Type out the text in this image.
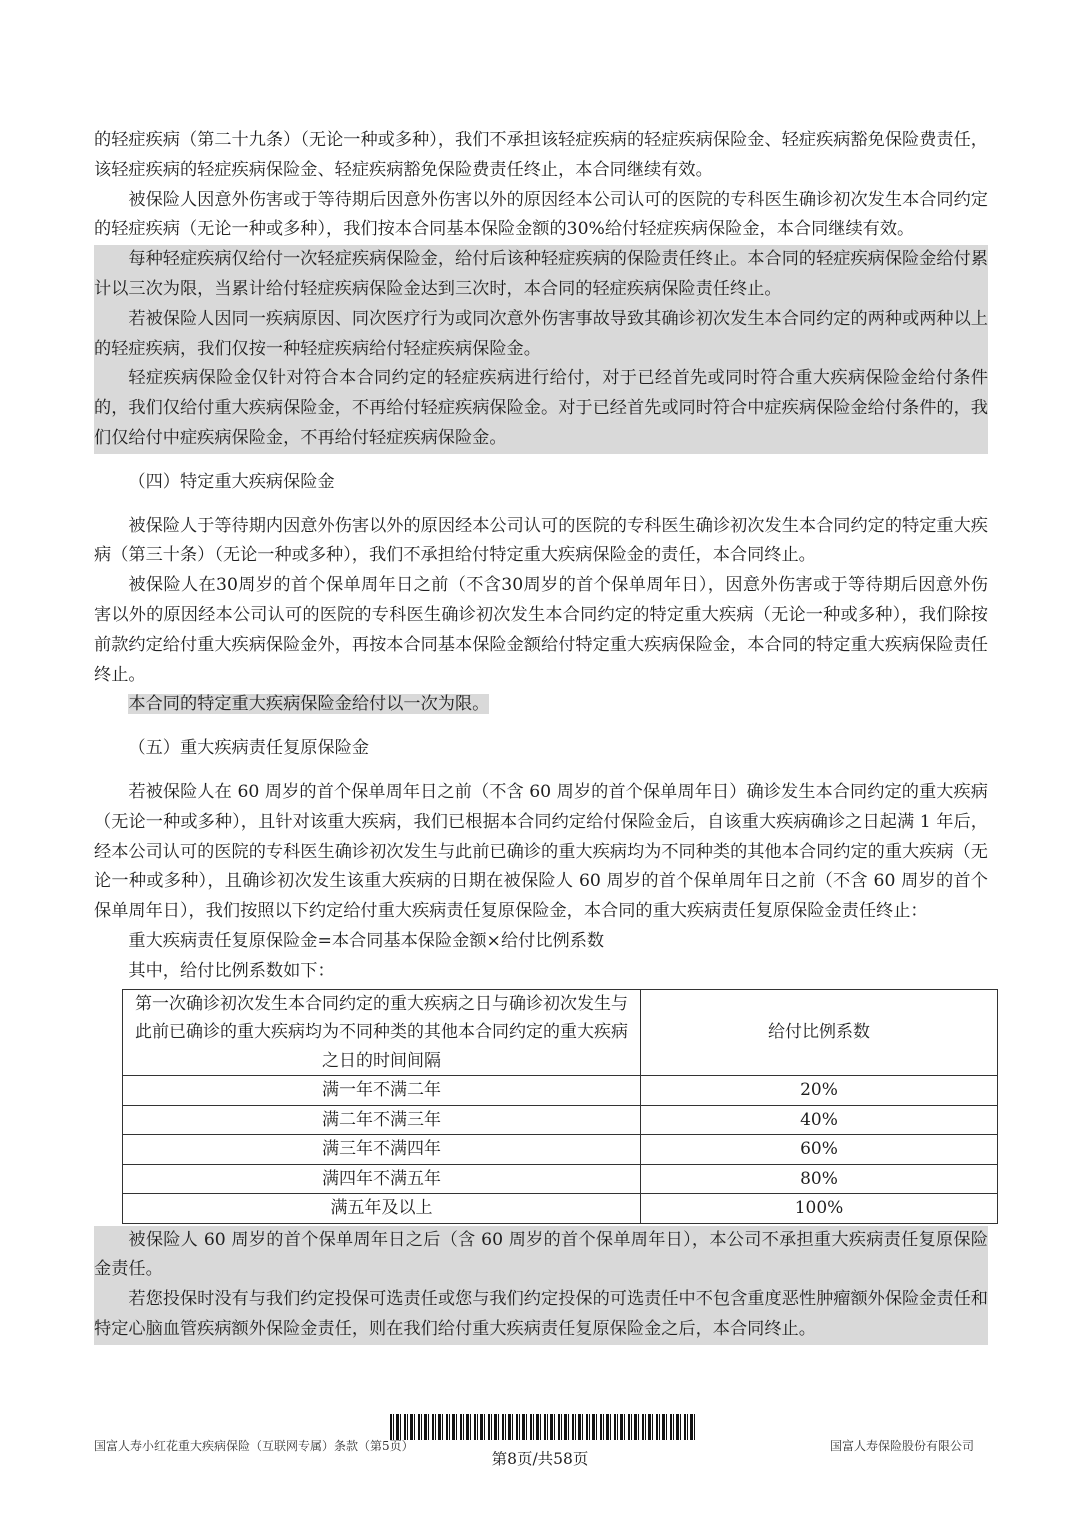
的轻症疾病（第二十九条）（无论一种或多种），我们不承担该轻症疾病的轻症疾病保险金、轻症疾病豁免保险费责任，该轻症疾病的轻症疾病保险金、轻症疾病豁免保险费责任终止，本合同继续有效。

被保险人因意外伤害或于等待期后因意外伤害以外的原因经本公司认可的医院的专科医生确诊初次发生本合同约定的轻症疾病（无论一种或多种），我们按本合同基本保险金额的30%给付轻症疾病保险金，本合同继续有效。

每种轻症疾病仅给付一次轻症疾病保险金，给付后该种轻症疾病的保险责任终止。本合同的轻症疾病保险金给付累计以三次为限，当累计给付轻症疾病保险金达到三次时，本合同的轻症疾病保险责任终止。

若被保险人因同一疾病原因、同次医疗行为或同次意外伤害事故导致其确诊初次发生本合同约定的两种或两种以上的轻症疾病，我们仅按一种轻症疾病给付轻症疾病保险金。

轻症疾病保险金仅针对符合本合同约定的轻症疾病进行给付，对于已经首先或同时符合重大疾病保险金给付条件的，我们仅给付重大疾病保险金，不再给付轻症疾病保险金。对于已经首先或同时符合中症疾病保险金给付条件的，我们仅给付中症疾病保险金，不再给付轻症疾病保险金。

（四）特定重大疾病保险金

被保险人于等待期内因意外伤害以外的原因经本公司认可的医院的专科医生确诊初次发生本合同约定的特定重大疾病（第三十条）（无论一种或多种），我们不承担给付特定重大疾病保险金的责任，本合同终止。

被保险人在30周岁的首个保单周年日之前（不含30周岁的首个保单周年日），因意外伤害或于等待期后因意外伤害以外的原因经本公司认可的医院的专科医生确诊初次发生本合同约定的特定重大疾病（无论一种或多种），我们除按前款约定给付重大疾病保险金外，再按本合同基本保险金额给付特定重大疾病保险金，本合同的特定重大疾病保险责任终止。

本合同的特定重大疾病保险金给付以一次为限。

（五）重大疾病责任复原保险金

若被保险人在 60 周岁的首个保单周年日之前（不含 60 周岁的首个保单周年日）确诊发生本合同约定的重大疾病（无论一种或多种），且针对该重大疾病，我们已根据本合同约定给付保险金后，自该重大疾病确诊之日起满 1 年后，经本公司认可的医院的专科医生确诊初次发生与此前已确诊的重大疾病均为不同种类的其他本合同约定的重大疾病（无论一种或多种），且确诊初次发生该重大疾病的日期在被保险人 60 周岁的首个保单周年日之前（不含 60 周岁的首个保单周年日），我们按照以下约定给付重大疾病责任复原保险金，本合同的重大疾病责任复原保险金责任终止：

重大疾病责任复原保险金=本合同基本保险金额×给付比例系数

其中，给付比例系数如下：

第一次确诊初次发生本合同约定的重大疾病之日与确诊初次发生与此前已确诊的重大疾病均为不同种类的其他本合同约定的重大疾病之日的时间间隔	给付比例系数
满一年不满二年	20%
满二年不满三年	40%
满三年不满四年	60%
满四年不满五年	80%
满五年及以上	100%

被保险人 60 周岁的首个保单周年日之后（含 60 周岁的首个保单周年日），本公司不承担重大疾病责任复原保险金责任。

若您投保时没有与我们约定投保可选责任或您与我们约定投保的可选责任中不包含重度恶性肿瘤额外保险金责任和特定心脑血管疾病额外保险金责任，则在我们给付重大疾病责任复原保险金之后，本合同终止。

国富人寿小红花重大疾病保险（互联网专属）条款（第5页）	国富人寿保险股份有限公司
第8页/共58页
